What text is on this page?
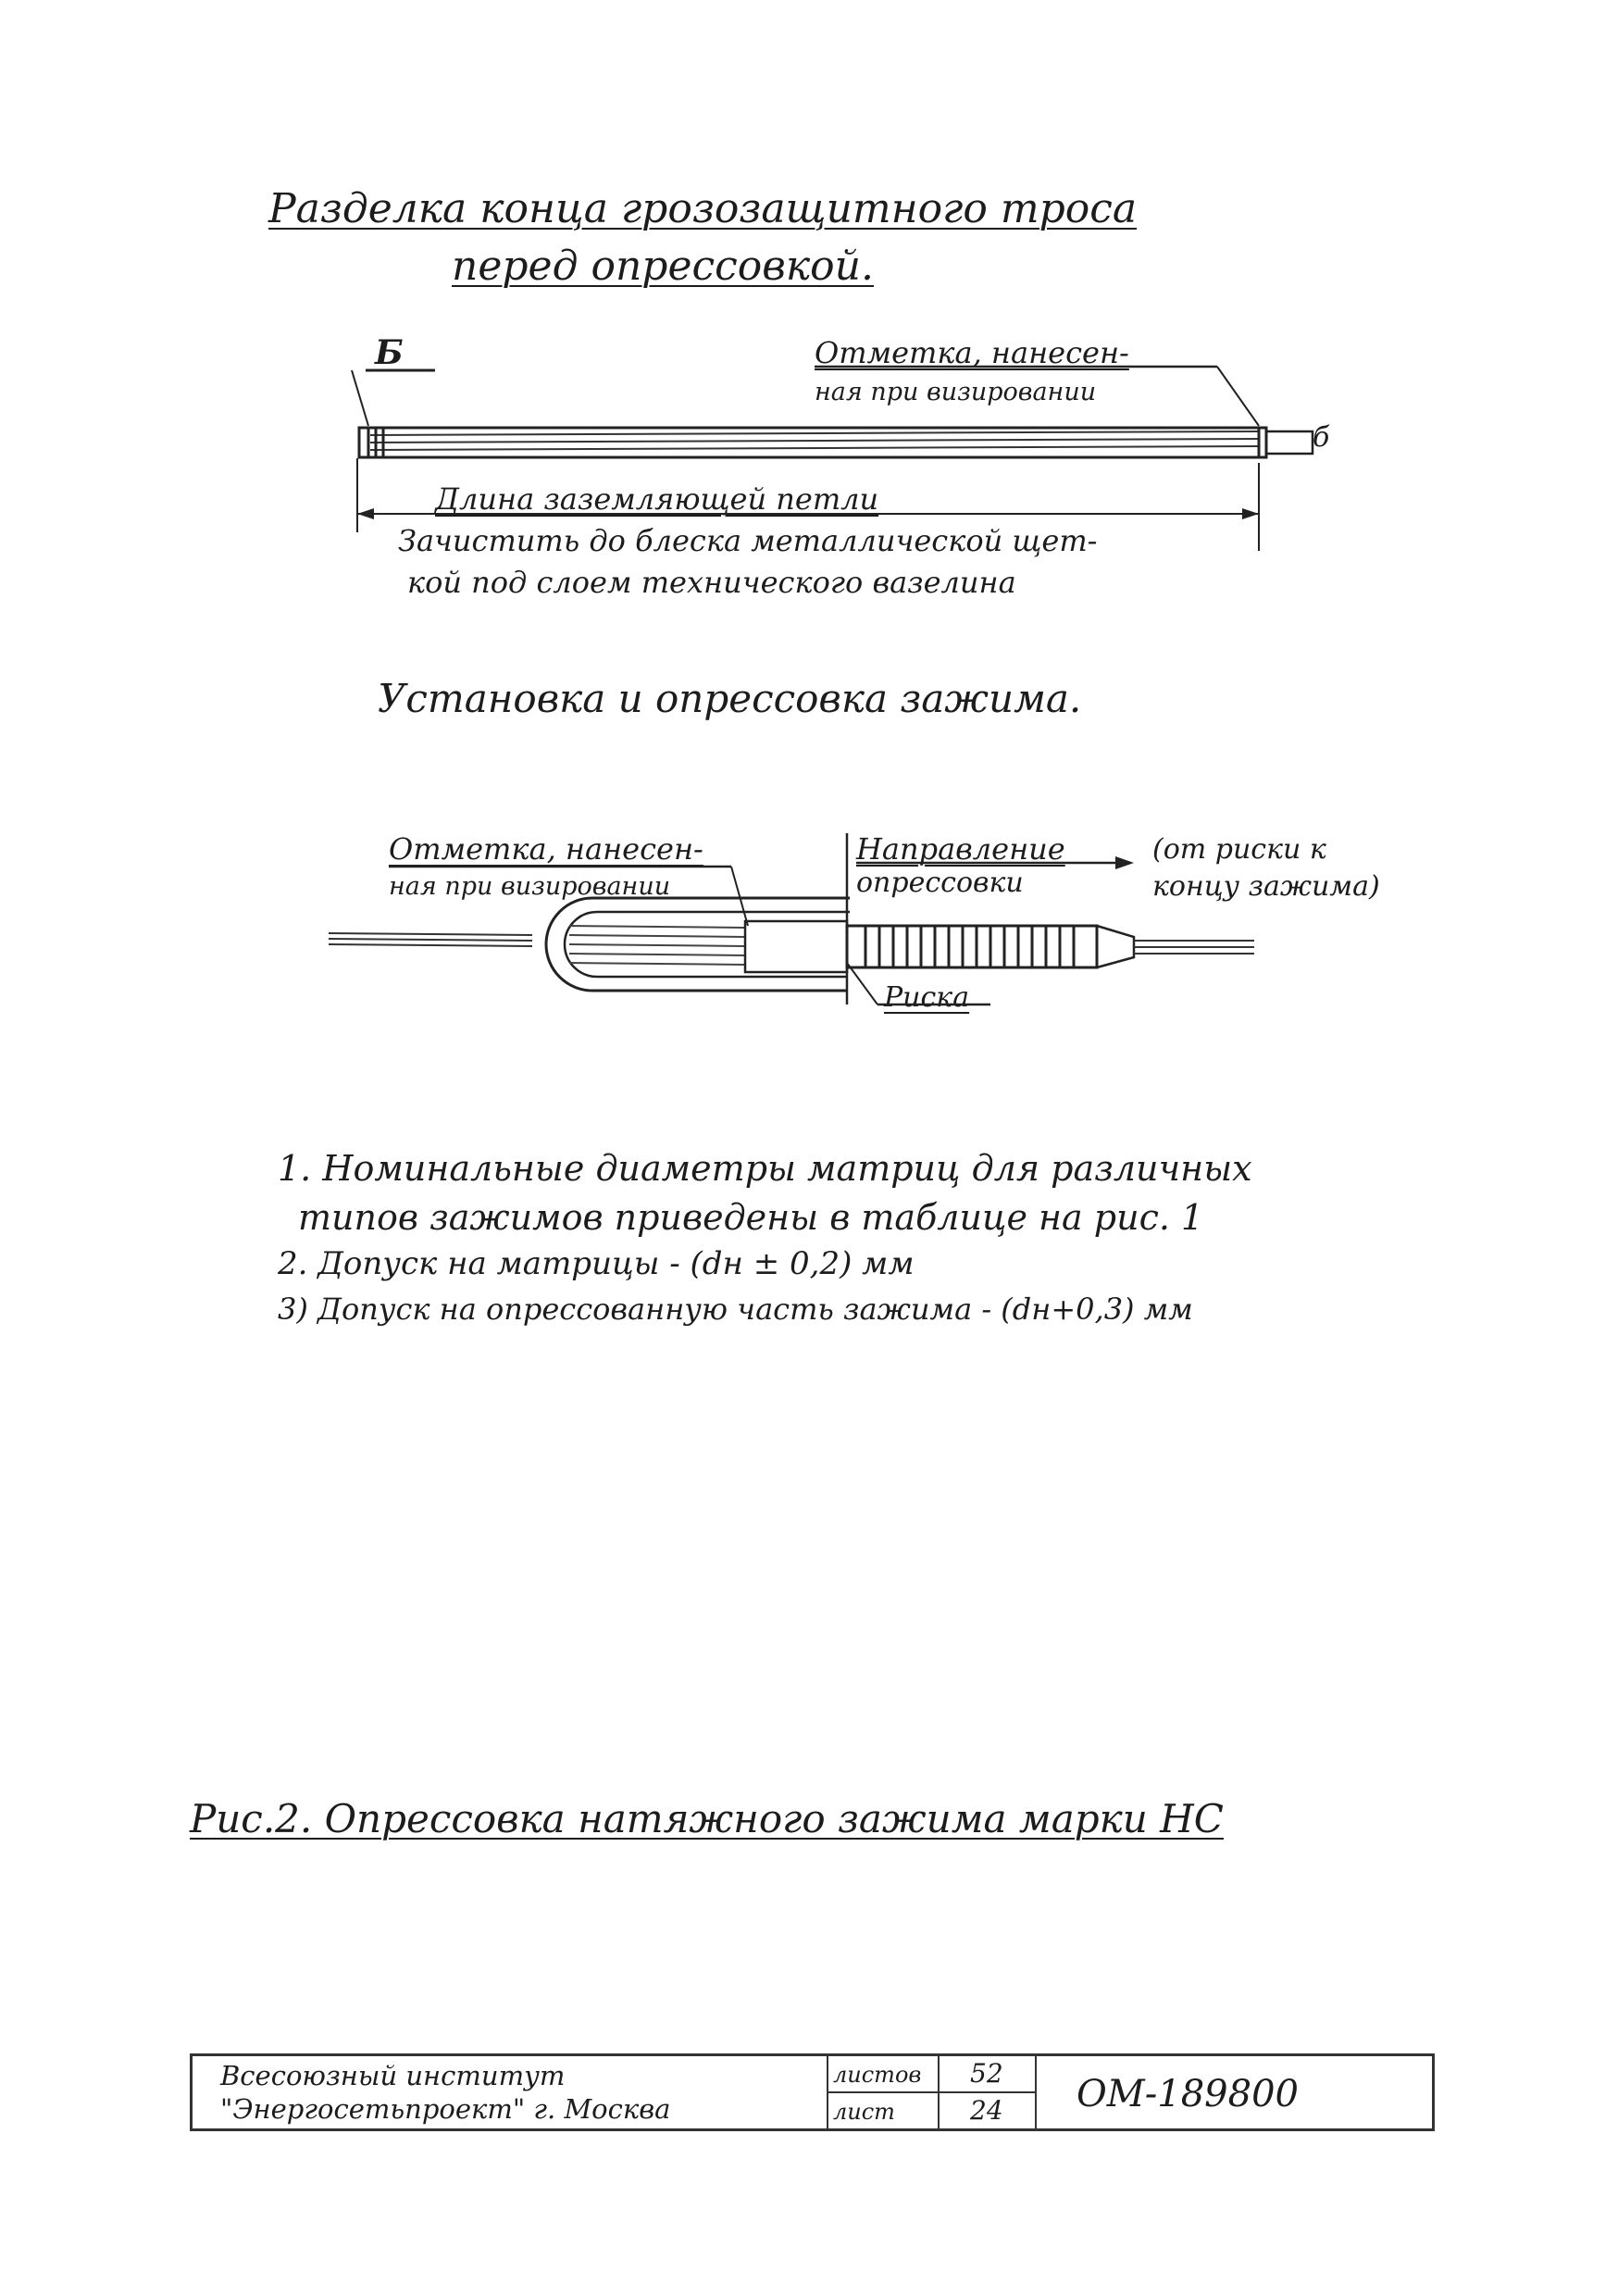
Разделка конца грозозащитного троса
перед опрессовкой.
Б	Отметка, нанесен-
ная при визировании
б
Длина заземляющей петли
Зачистить до блеска металлической щет-
кой под слоем технического вазелина
Установка и опрессовка зажима.
Отметка, нанесен-
ная при визировании
Направление
опрессовки
(от риски к
концу зажима)
Риска
1. Номинальные диаметры матриц для различных
типов зажимов приведены в таблице на рис. 1
2. Допуск на матрицы - (dн ± 0,2) мм
3) Допуск на опрессованную часть зажима - (dн+0,3) мм
Рис.2. Опрессовка натяжного зажима марки НС
Всесоюзный институт
"Энергосетьпроект" г. Москва
листов
лист
52
24 ОМ-189800
